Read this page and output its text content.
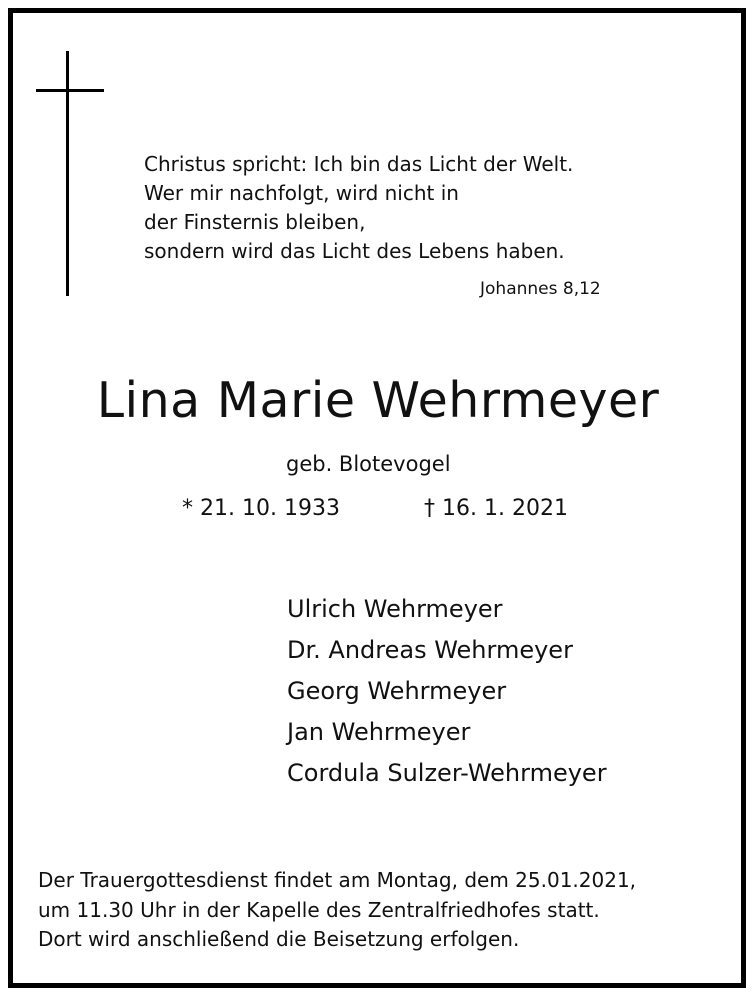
Christus spricht: Ich bin das Licht der Welt.
Wer mir nachfolgt, wird nicht in
der Finsternis bleiben,
sondern wird das Licht des Lebens haben.
Johannes 8,12
Lina Marie Wehrmeyer
geb. Blotevogel
* 21. 10. 1933	† 16. 1. 2021
Ulrich Wehrmeyer
Dr. Andreas Wehrmeyer
Georg Wehrmeyer
Jan Wehrmeyer
Cordula Sulzer-Wehrmeyer
Der Trauergottesdienst findet am Montag, dem 25.01.2021,
um 11.30 Uhr in der Kapelle des Zentralfriedhofes statt.
Dort wird anschließend die Beisetzung erfolgen.
